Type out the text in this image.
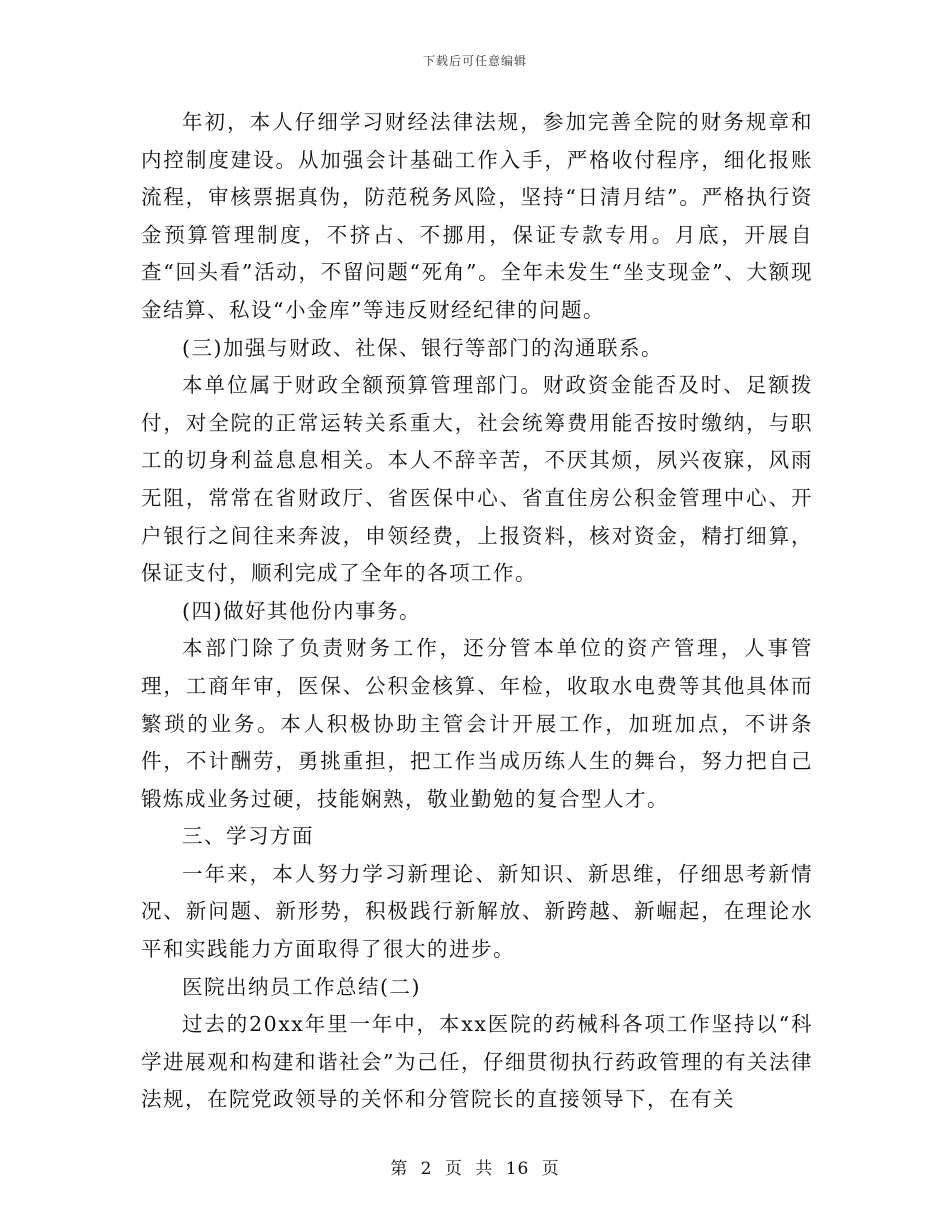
下载后可任意编辑

年初，本人仔细学习财经法律法规，参加完善全院的财务规章和内控制度建设。从加强会计基础工作入手，严格收付程序，细化报账流程，审核票据真伪，防范税务风险，坚持“日清月结”。严格执行资金预算管理制度，不挤占、不挪用，保证专款专用。月底，开展自查“回头看”活动，不留问题“死角”。全年未发生“坐支现金”、大额现金结算、私设“小金库”等违反财经纪律的问题。

(三)加强与财政、社保、银行等部门的沟通联系。

本单位属于财政全额预算管理部门。财政资金能否及时、足额拨付，对全院的正常运转关系重大，社会统筹费用能否按时缴纳，与职工的切身利益息息相关。本人不辞辛苦，不厌其烦，夙兴夜寐，风雨无阻，常常在省财政厅、省医保中心、省直住房公积金管理中心、开户银行之间往来奔波，申领经费，上报资料，核对资金，精打细算，保证支付，顺利完成了全年的各项工作。

(四)做好其他份内事务。

本部门除了负责财务工作，还分管本单位的资产管理，人事管理，工商年审，医保、公积金核算、年检，收取水电费等其他具体而繁琐的业务。本人积极协助主管会计开展工作，加班加点，不讲条件，不计酬劳，勇挑重担，把工作当成历练人生的舞台，努力把自己锻炼成业务过硬，技能娴熟，敬业勤勉的复合型人才。

三、学习方面

一年来，本人努力学习新理论、新知识、新思维，仔细思考新情况、新问题、新形势，积极践行新解放、新跨越、新崛起，在理论水平和实践能力方面取得了很大的进步。

医院出纳员工作总结(二)

过去的20xx年里一年中，本xx医院的药械科各项工作坚持以“科学进展观和构建和谐社会”为己任，仔细贯彻执行药政管理的有关法律法规，在院党政领导的关怀和分管院长的直接领导下，在有关

第 2 页 共 16 页
